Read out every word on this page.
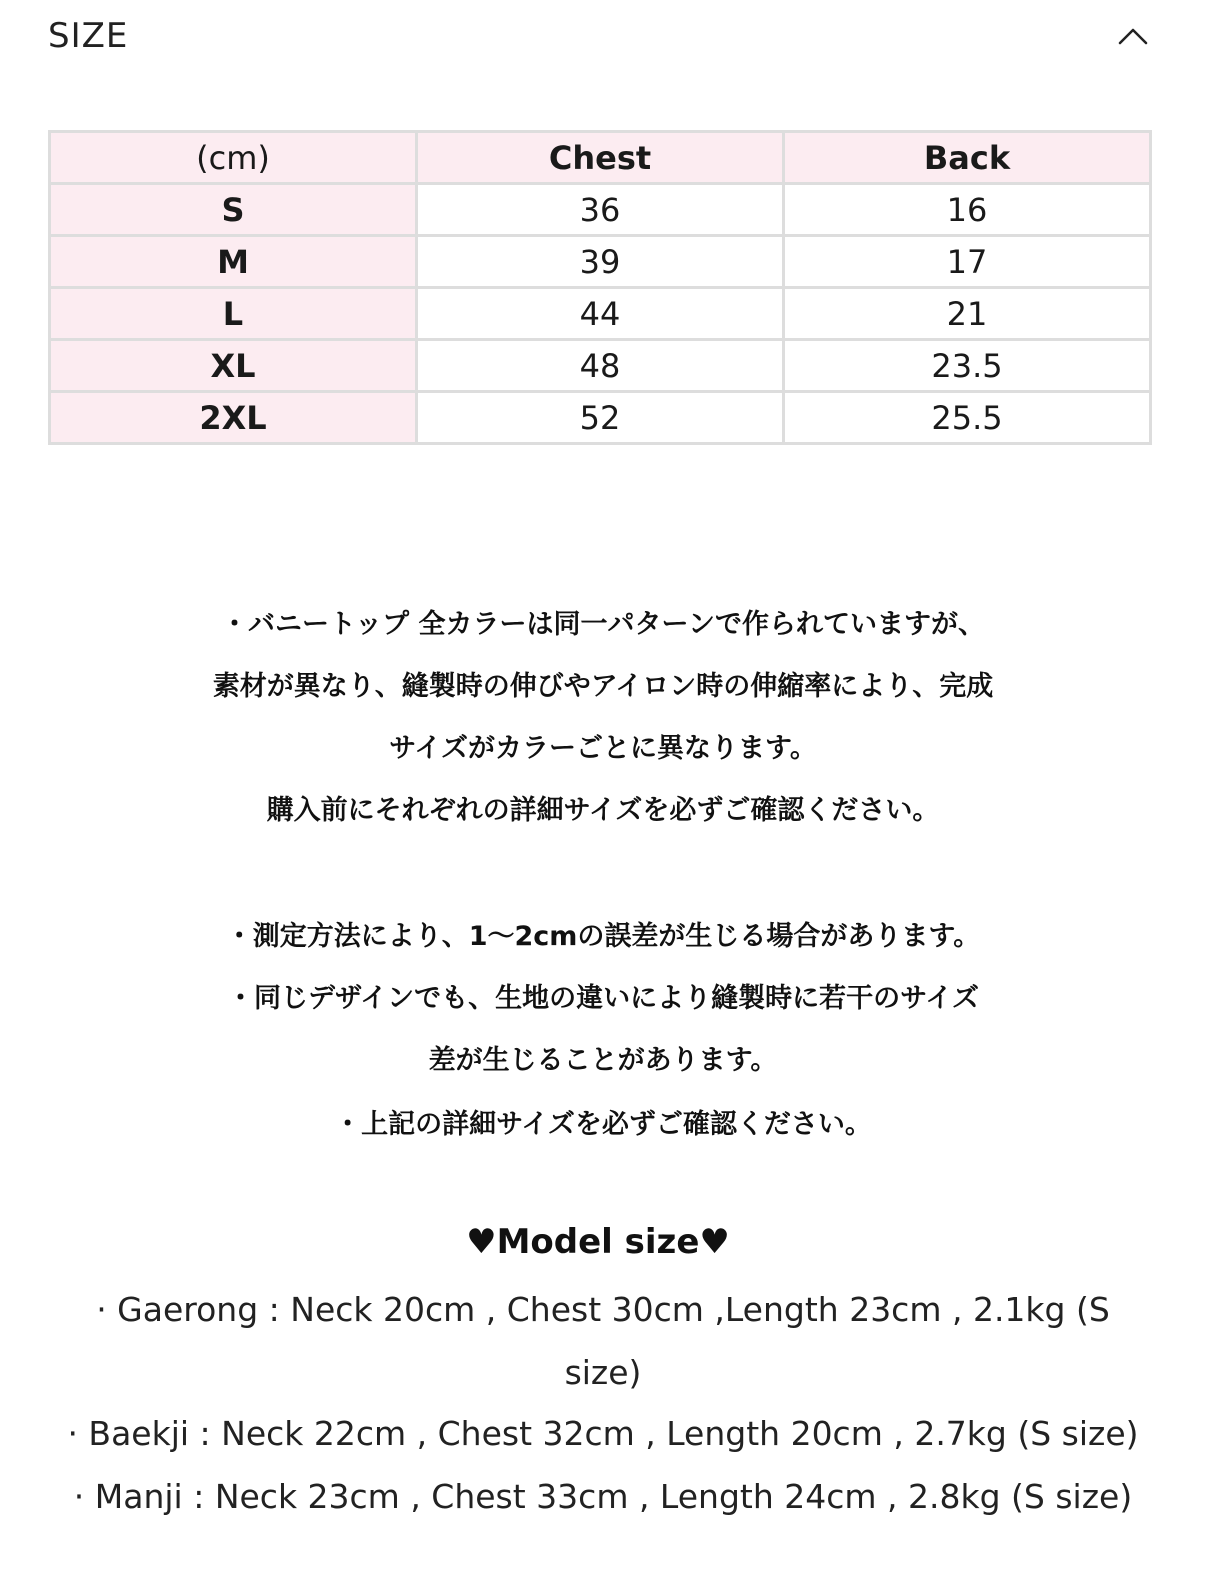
SIZE
(cm)	Chest	Back
S	36	16
M	39	17
L	44	21
XL	48	23.5
2XL	52	25.5
・バニートップ 全カラーは同一パターンで作られていますが、
素材が異なり、縫製時の伸びやアイロン時の伸縮率により、完成
サイズがカラーごとに異なります。
購入前にそれぞれの詳細サイズを必ずご確認ください。
・測定方法により、1〜2cmの誤差が生じる場合があります。
・同じデザインでも、生地の違いにより縫製時に若干のサイズ
差が生じることがあります。
・上記の詳細サイズを必ずご確認ください。
♥Model size♥
· Gaerong : Neck 20cm , Chest 30cm ,Length 23cm , 2.1kg (S size)
· Baekji : Neck 22cm , Chest 32cm , Length 20cm , 2.7kg (S size)
· Manji : Neck 23cm , Chest 33cm , Length 24cm , 2.8kg (S size)
